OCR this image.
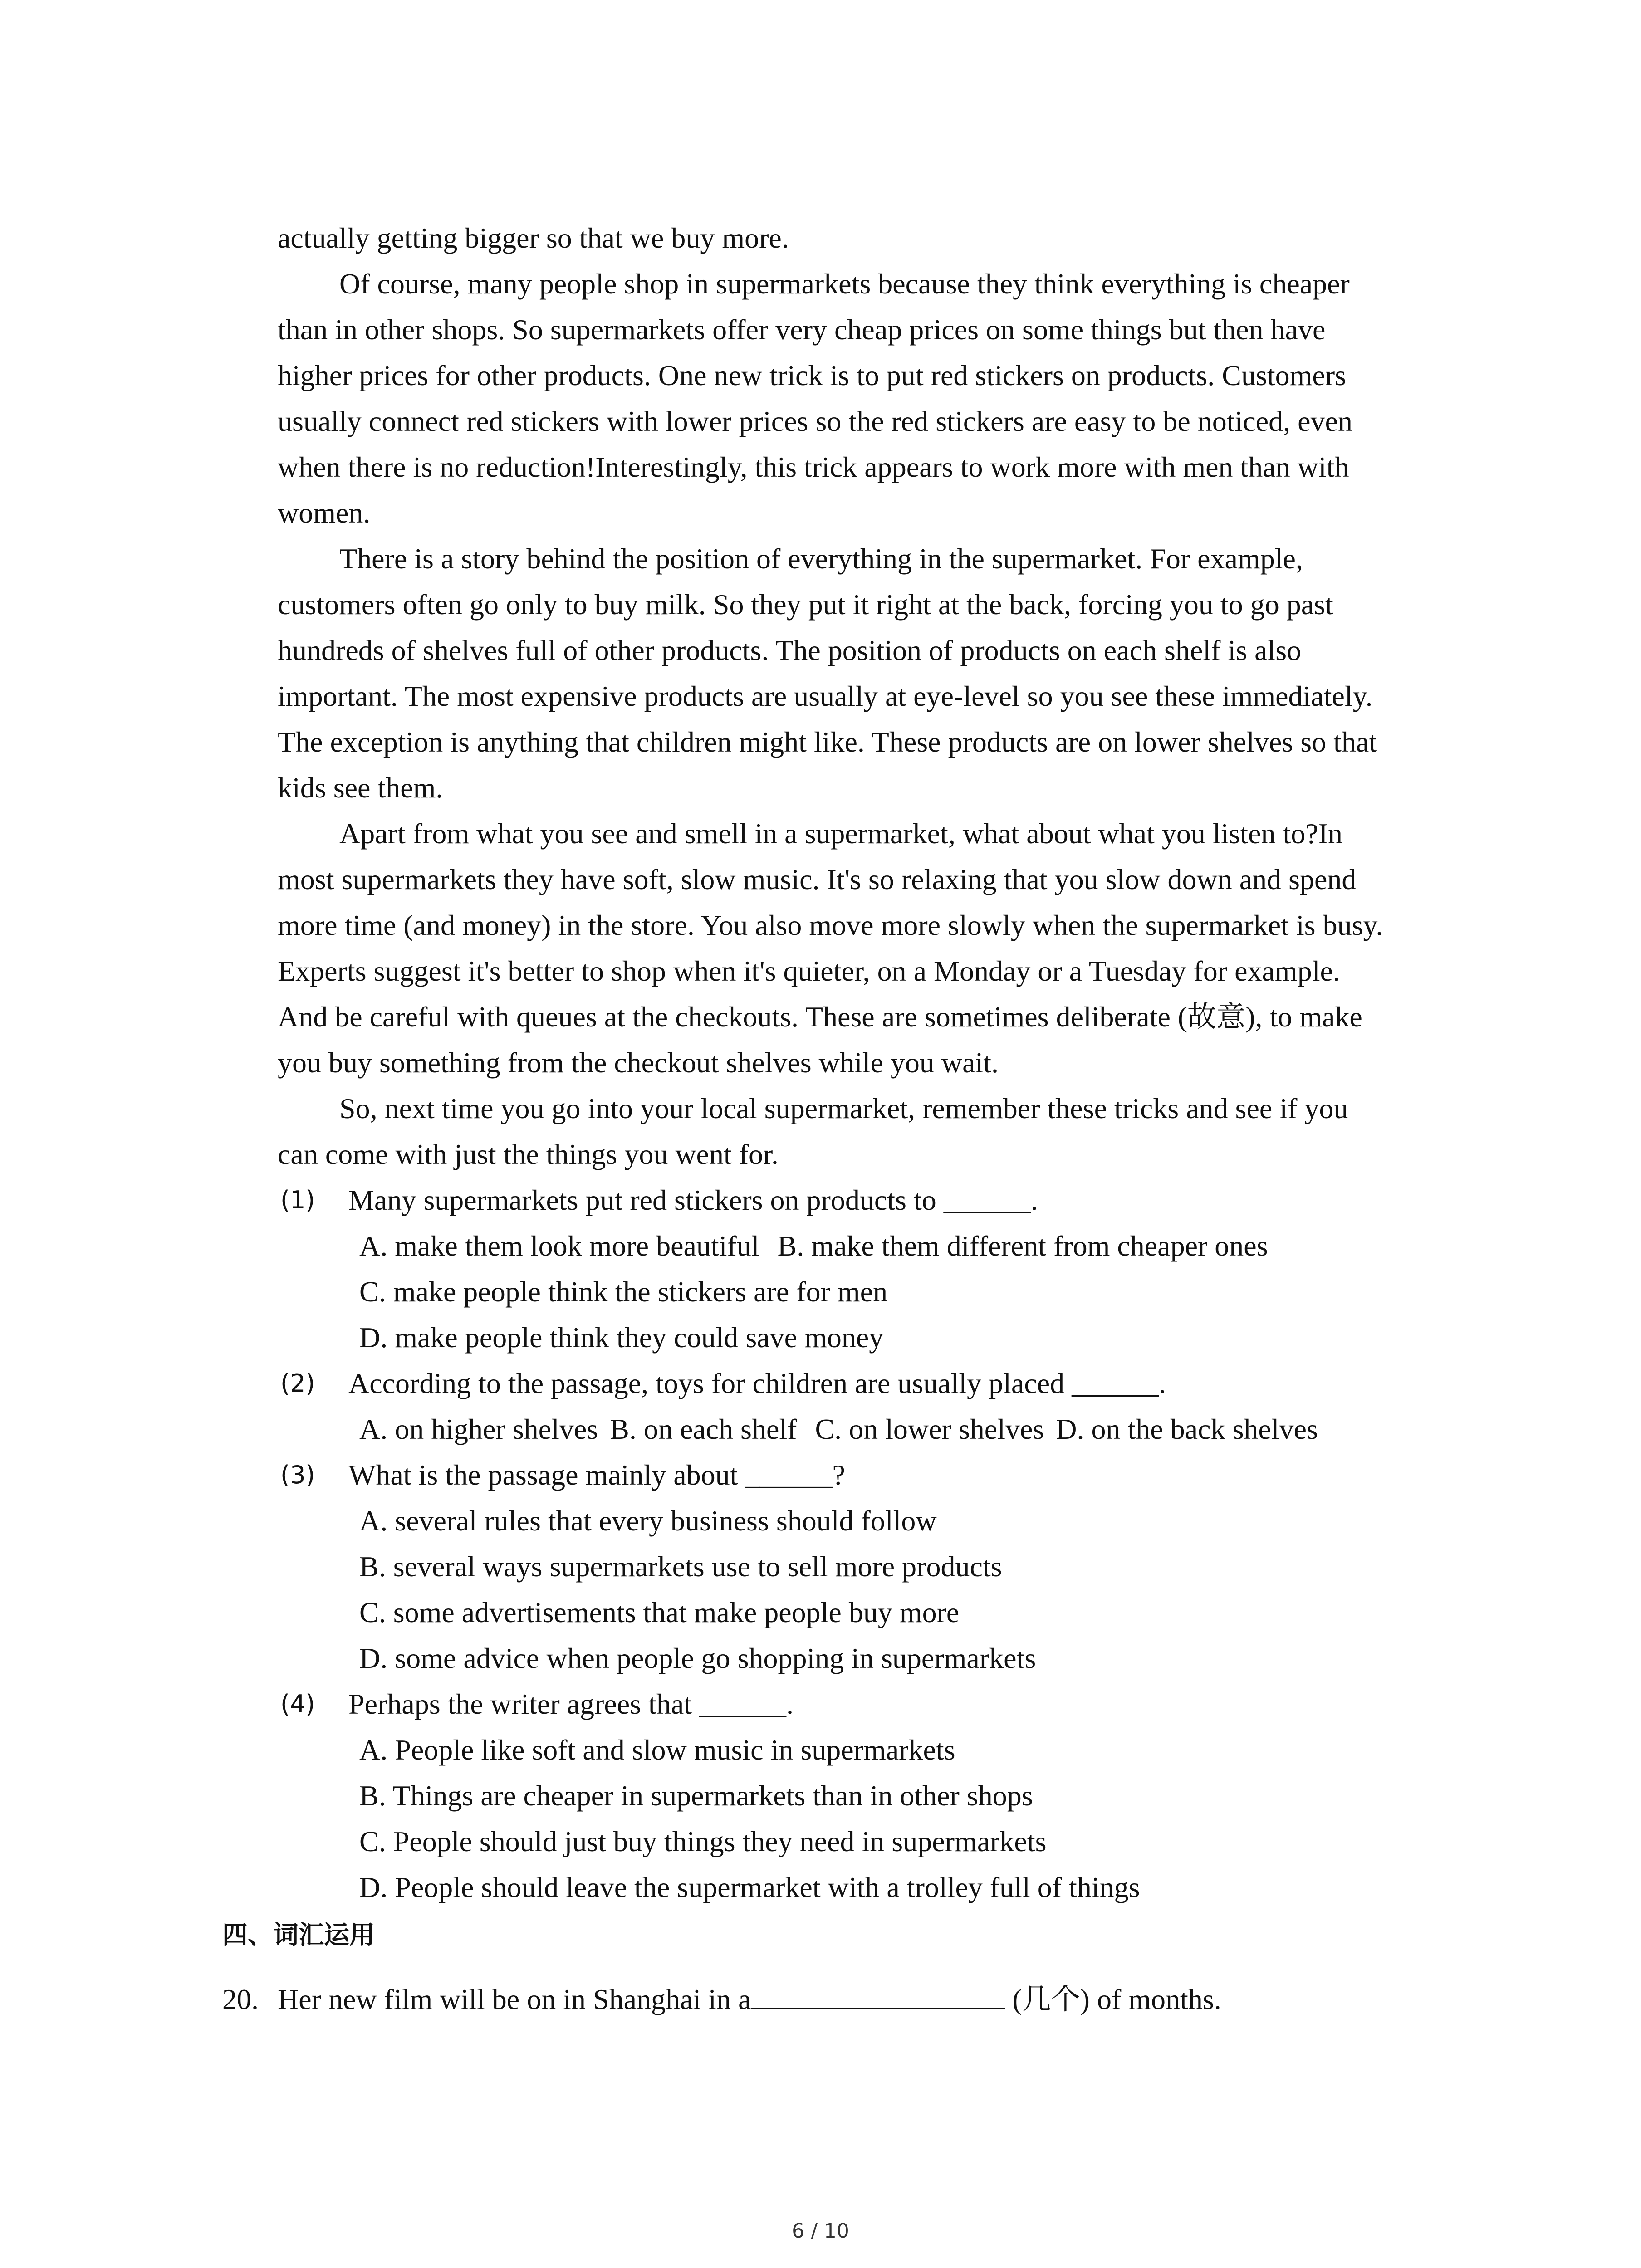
actually getting bigger so that we buy more.
Of course, many people shop in supermarkets because they think everything is cheaper
than in other shops. So supermarkets offer very cheap prices on some things but then have
higher prices for other products. One new trick is to put red stickers on products. Customers
usually connect red stickers with lower prices so the red stickers are easy to be noticed, even
when there is no reduction!Interestingly, this trick appears to work more with men than with
women.
There is a story behind the position of everything in the supermarket. For example,
customers often go only to buy milk. So they put it right at the back, forcing you to go past
hundreds of shelves full of other products. The position of products on each shelf is also
important. The most expensive products are usually at eye-level so you see these immediately.
The exception is anything that children might like. These products are on lower shelves so that
kids see them.
Apart from what you see and smell in a supermarket, what about what you listen to?In
most supermarkets they have soft, slow music. It's so relaxing that you slow down and spend
more time (and money) in the store. You also move more slowly when the supermarket is busy.
Experts suggest it's better to shop when it's quieter, on a Monday or a Tuesday for example.
And be careful with queues at the checkouts. These are sometimes deliberate (故意), to make
you buy something from the checkout shelves while you wait.
So, next time you go into your local supermarket, remember these tricks and see if you
can come with just the things you went for.
(1) Many supermarkets put red stickers on products to ______.
A. make them look more beautiful B. make them different from cheaper ones
C. make people think the stickers are for men
D. make people think they could save money
(2) According to the passage, toys for children are usually placed ______.
A. on higher shelves B. on each shelf C. on lower shelves D. on the back shelves
(3) What is the passage mainly about ______?
A. several rules that every business should follow
B. several ways supermarkets use to sell more products
C. some advertisements that make people buy more
D. some advice when people go shopping in supermarkets
(4) Perhaps the writer agrees that ______.
A. People like soft and slow music in supermarkets
B. Things are cheaper in supermarkets than in other shops
C. People should just buy things they need in supermarkets
D. People should leave the supermarket with a trolley full of things
四、词汇运用
20. Her new film will be on in Shanghai in a	(几个) of months.
6 / 10
